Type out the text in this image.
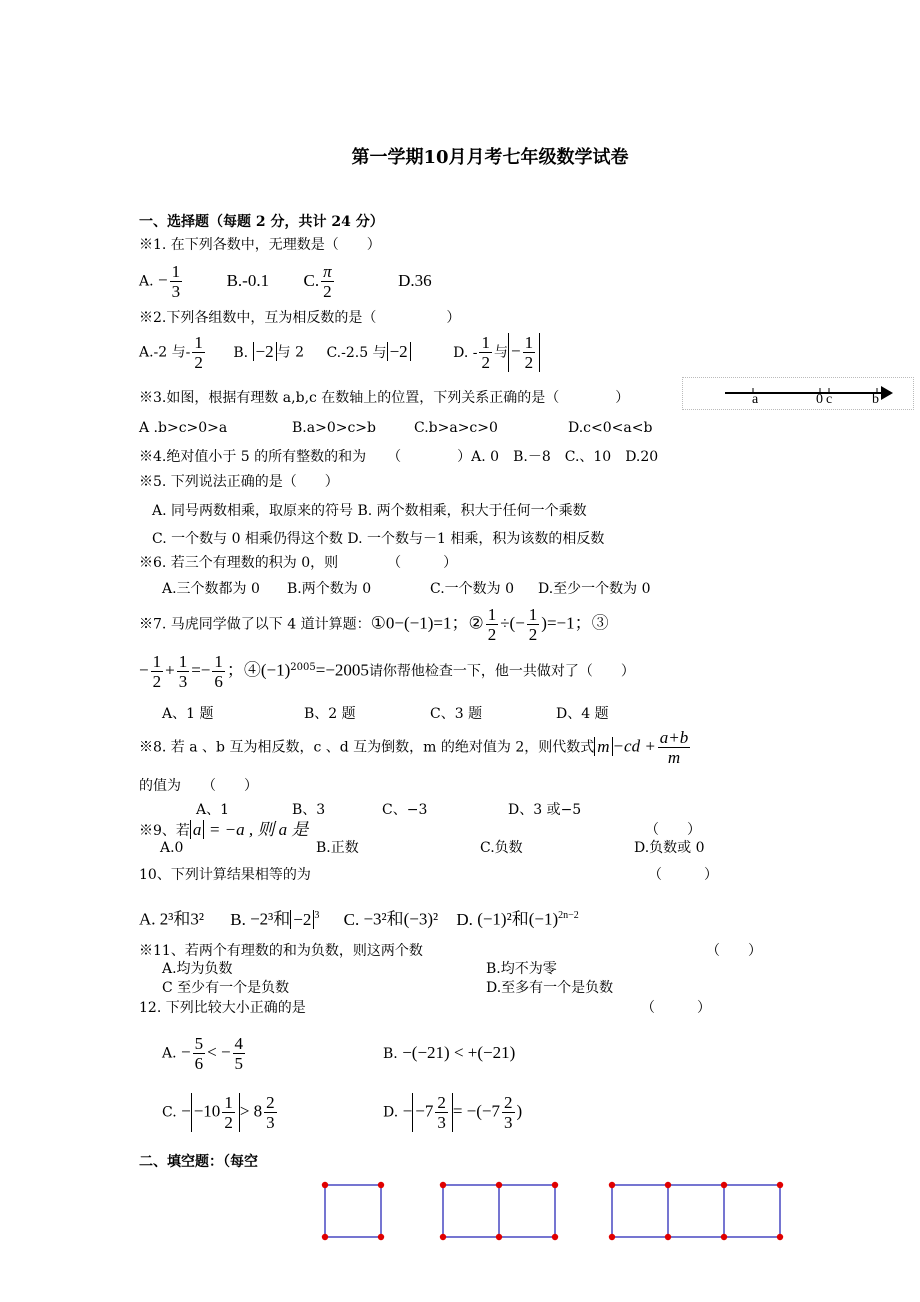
第一学期10月月考七年级数学试卷
一、选择题（每题 2 分，共计 24 分）
※1. 在下列各数中，无理数是（　　）
A. − $\frac{1}{3}$	B.-0.1 C. $\frac{\pi}{2}$	D.36
※2.下列各组数中，互为相反数的是（　　　　　）
A.-2 与- $\frac{1}{2} B$. −2 与 2 C.-2.5 与 −2	D. - $\frac{1}{2}$ 与 − $\frac{1}{2}$
※3.如图，根据有理数 a,b,c 在数轴上的位置，下列关系正确的是（　　　　）	a	0 c	b
A .b>c>0>a	B.a>0>c>b	C.b>a>c>0	D.c<0<a<b
※4.绝对值小于 5 的所有整数的和为　　（　　　　）A. 0　B.－8　C.、10　D.20
※5. 下列说法正确的是（　　）
A. 同号两数相乘，取原来的符号 B. 两个数相乘，积大于任何一个乘数
C. 一个数与 0 相乘仍得这个数 D. 一个数与－1 相乘，积为该数的相反数
※6. 若三个有理数的积为 0，则　　　　（　　　）
A.三个数都为 0 B.两个数为 0	C.一个数为 0 D.至少一个数为 0
※7. 马虎同学做了以下 4 道计算题：①0−(−1)=1；② $\frac{1}{2}$ ÷(− $\frac{1}{2} )=-1$；③
− $\frac{1}{2} + \frac{1}{3} =- \frac{1}{6}$ ；$④(-1)^{2005}=-2005$请你帮他检查一下，他一共做对了（　　）
A、1 题	B、2 题	C、3 题	D、4 题
※8. 若 a 、b 互为相反数，c 、d 互为倒数，m 的绝对值为 2，则代数式 $m -cd + \frac{a+b}{m}$
的值为　　（　　）
A、1	B、3	C、−3	D、3 或−5
※9、若 a = −a , 则 a 是	（　　）
A.0	B.正数	C.负数	D.负数或 0
10、下列计算结果相等的为	（　　　）
A. 2³和3² B. −2³和 −2 $^3$ C. −3²和(−3)² D. (−1)²和$(-1)^{2n-2}$
※11、若两个有理数的和为负数，则这两个数	（　　）
A.均为负数	B.均不为零
C 至少有一个是负数	D.至多有一个是负数
12. 下列比较大小正确的是	（　　　）
A. − $\frac{5}{6}$ < − $\frac{4}{5}$	B. −(−21) < +(−21)
C. − $-10 \frac{1}{2} > 8 \frac{2}{3}$	D. − $-7 \frac{2}{3} = -(-7 \frac{2}{3}$ )
二、填空题：（每空
